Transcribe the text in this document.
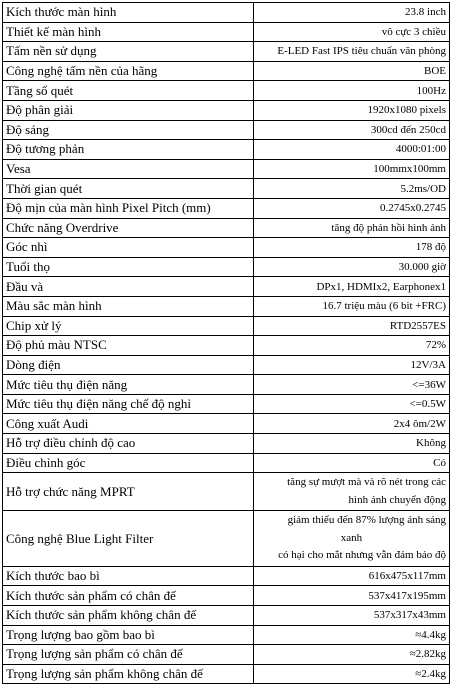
Kích thước màn hình	23.8 inch
Thiết kế màn hình	vô cực 3 chiều
Tấm nền sử dụng	E-LED Fast IPS tiêu chuẩn văn phòng
Công nghệ tấm nền của hãng	BOE
Tầng số quét	100Hz
Độ phân giải	1920x1080 pixels
Độ sáng	300cd đến 250cd
Độ tương phản	4000:01:00
Vesa	100mmx100mm
Thời gian quét	5.2ms/OD
Độ mịn của màn hình Pixel Pitch (mm)	0.2745x0.2745
Chức năng Overdrive	tăng độ phản hồi hình ảnh
Góc nhì	178 độ
Tuổi thọ	30.000 giờ
Đầu và	DPx1, HDMIx2, Earphonex1
Màu sắc màn hình	16.7 triệu màu (6 bit +FRC)
Chip xử lý	RTD2557ES
Độ phủ màu NTSC	72%
Dòng điện	12V/3A
Mức tiêu thụ điện năng	<=36W
Mức tiêu thụ điện năng chế độ nghỉ	<=0.5W
Công xuất Audi	2x4 ôm/2W
Hỗ trợ điều chỉnh độ cao	Không
Điều chỉnh góc	Có
Hỗ trợ chức năng MPRT	tăng sự mượt mà và rõ nét trong các
hình ảnh chuyển động

Công nghệ Blue Light Filter	giảm thiểu đến 87% lượng ánh sáng
xanh
có hại cho mắt nhưng vẫn đảm bảo độ

Kích thước bao bì	616x475x117mm
Kích thước sản phẩm có chân đế	537x417x195mm
Kích thước sản phẩm không chân đế	537x317x43mm
Trọng lượng bao gồm bao bì	≈4.4kg
Trọng lượng sản phẩm có chân đế	≈2.82kg
Trọng lượng sản phẩm không chân đế	≈2.4kg
